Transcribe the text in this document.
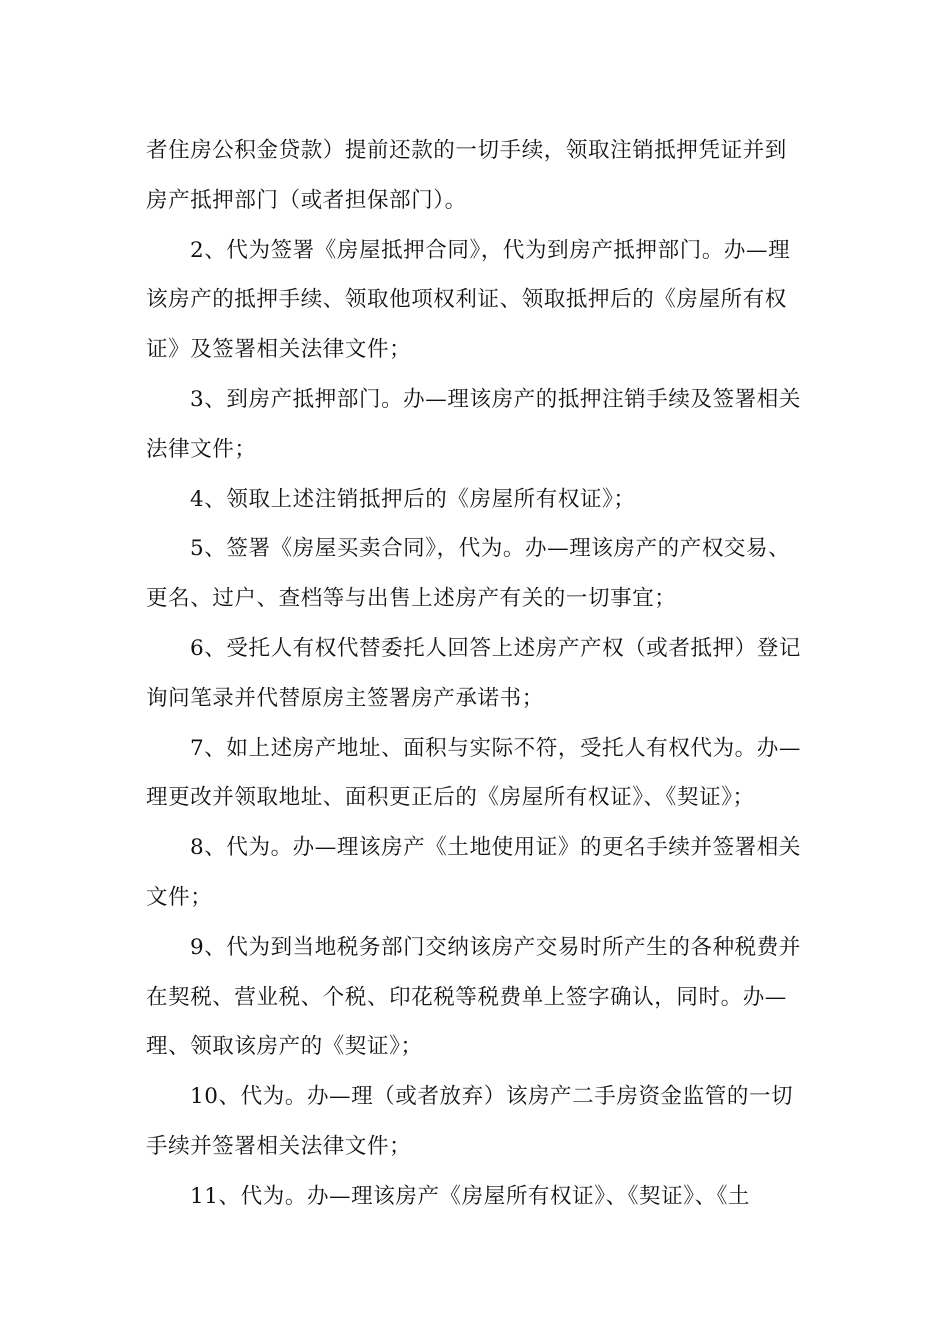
者住房公积金贷款）提前还款的一切手续，领取注销抵押凭证并到
房产抵押部门（或者担保部门）。
2、代为签署《房屋抵押合同》，代为到房产抵押部门。办—理
该房产的抵押手续、领取他项权利证、领取抵押后的《房屋所有权
证》及签署相关法律文件；
3、到房产抵押部门。办—理该房产的抵押注销手续及签署相关
法律文件；
4、领取上述注销抵押后的《房屋所有权证》；
5、签署《房屋买卖合同》，代为。办—理该房产的产权交易、
更名、过户、查档等与出售上述房产有关的一切事宜；
6、受托人有权代替委托人回答上述房产产权（或者抵押）登记
询问笔录并代替原房主签署房产承诺书；
7、如上述房产地址、面积与实际不符，受托人有权代为。办—
理更改并领取地址、面积更正后的《房屋所有权证》、《契证》；
8、代为。办—理该房产《土地使用证》的更名手续并签署相关
文件；
9、代为到当地税务部门交纳该房产交易时所产生的各种税费并
在契税、营业税、个税、印花税等税费单上签字确认，同时。办—
理、领取该房产的《契证》；
10、代为。办—理（或者放弃）该房产二手房资金监管的一切
手续并签署相关法律文件；
11、代为。办—理该房产《房屋所有权证》、《契证》、《土
